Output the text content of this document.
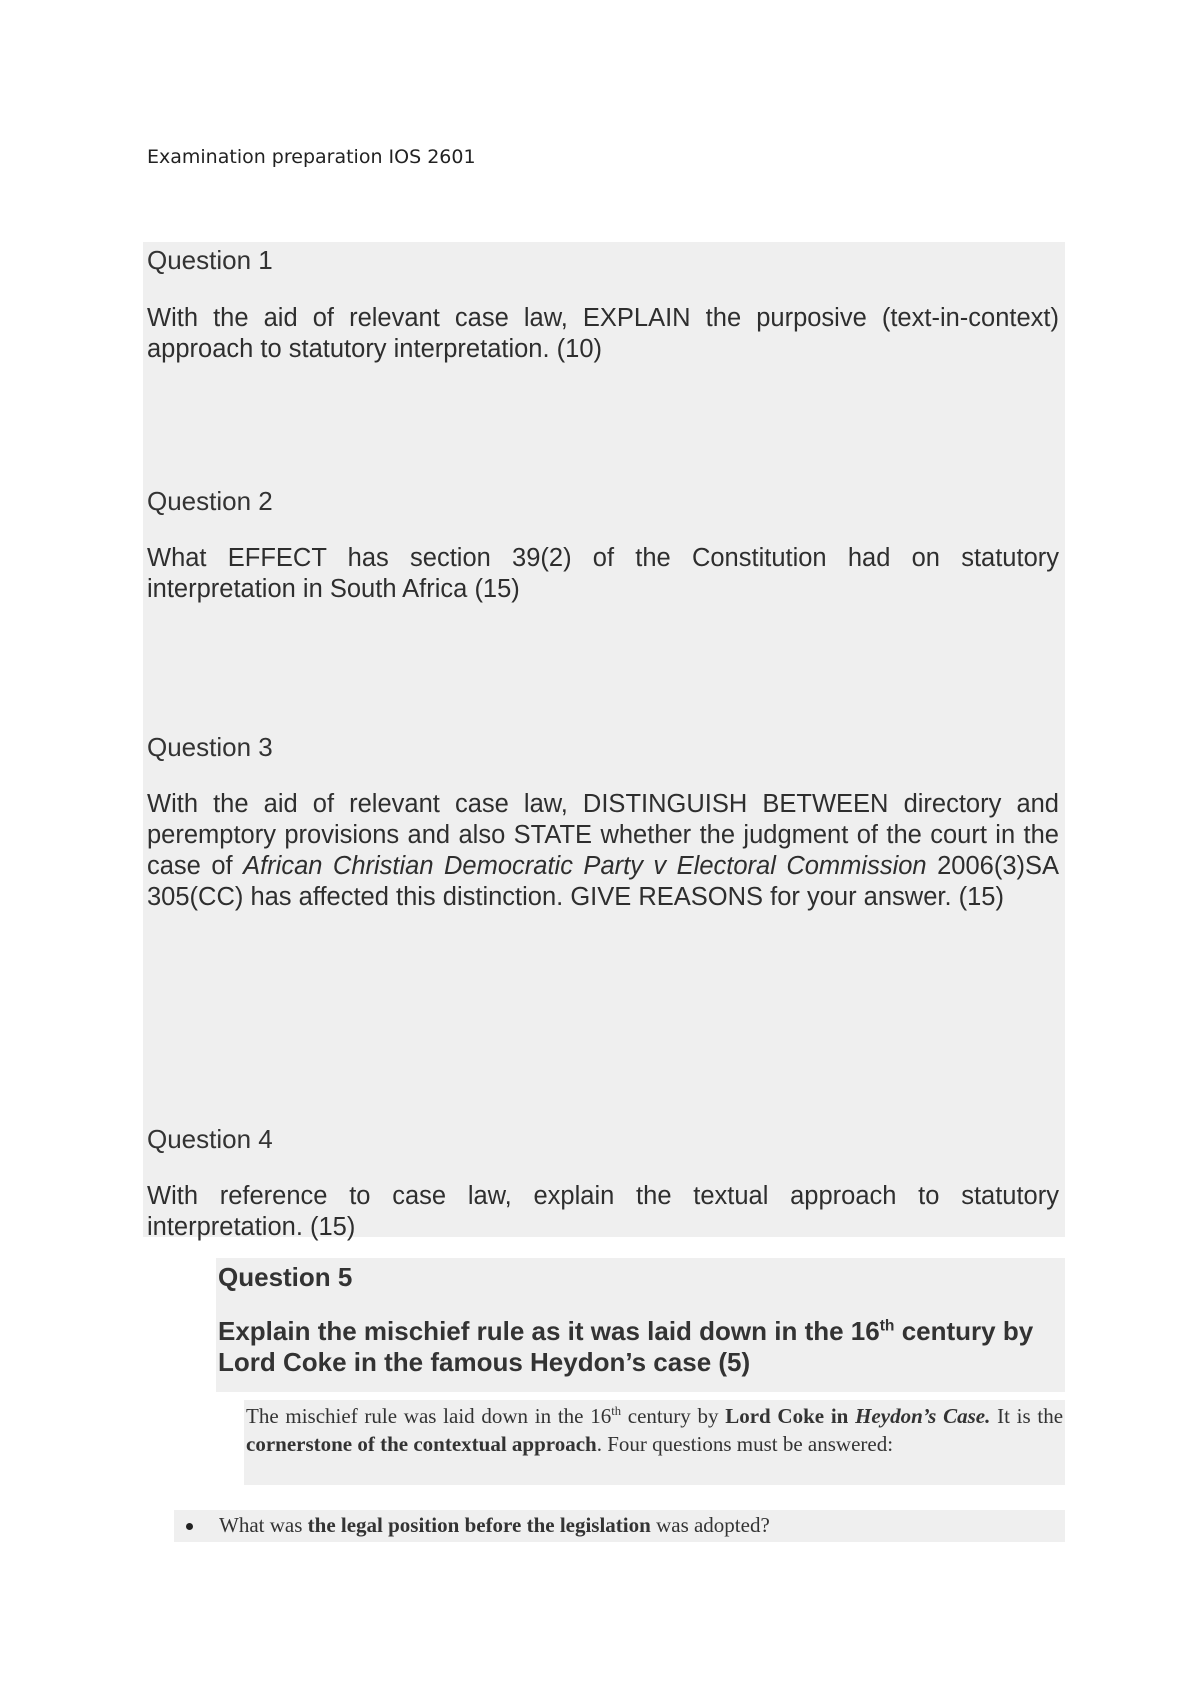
Examination preparation IOS 2601
Question 1
With the aid of relevant case law, EXPLAIN the purposive (text-in-context) approach to statutory interpretation. (10)
Question 2
What EFFECT has section 39(2) of the Constitution had on statutory interpretation in South Africa (15)
Question 3
With the aid of relevant case law, DISTINGUISH BETWEEN directory and peremptory provisions and also STATE whether the judgment of the court in the case of African Christian Democratic Party v Electoral Commission 2006(3)SA 305(CC) has affected this distinction. GIVE REASONS for your answer. (15)
Question 4
With reference to case law, explain the textual approach to statutory interpretation. (15)
Question 5
Explain the mischief rule as it was laid down in the 16th century by Lord Coke in the famous Heydon’s case (5)

The mischief rule was laid down in the 16th century by Lord Coke in Heydon’s Case. It is the cornerstone of the contextual approach. Four questions must be answered:

What was the legal position before the legislation was adopted?
